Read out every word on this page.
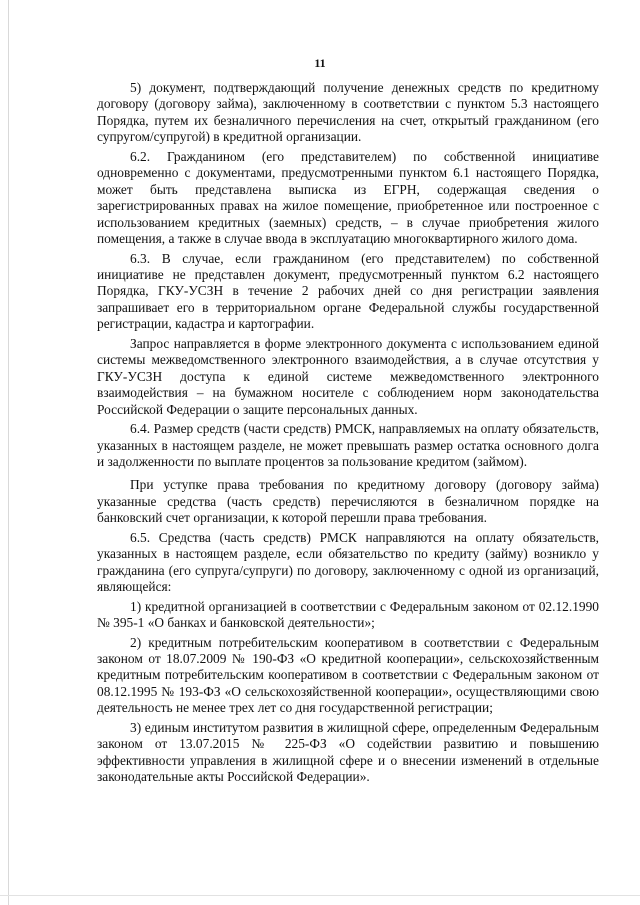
11

5) документ, подтверждающий получение денежных средств по кредитному договору (договору займа), заключенному в соответствии с пунктом 5.3 настоящего Порядка, путем их безналичного перечисления на счет, открытый гражданином (его супругом/супругой) в кредитной организации.

6.2. Гражданином (его представителем) по собственной инициативе одновременно с документами, предусмотренными пунктом 6.1 настоящего Порядка, может быть представлена выписка из ЕГРН, содержащая сведения о зарегистрированных правах на жилое помещение, приобретенное или построенное с использованием кредитных (заемных) средств, – в случае приобретения жилого помещения, а также в случае ввода в эксплуатацию многоквартирного жилого дома.

6.3. В случае, если гражданином (его представителем) по собственной инициативе не представлен документ, предусмотренный пунктом 6.2 настоящего Порядка, ГКУ-УСЗН в течение 2 рабочих дней со дня регистрации заявления запрашивает его в территориальном органе Федеральной службы государственной регистрации, кадастра и картографии.

Запрос направляется в форме электронного документа с использованием единой системы межведомственного электронного взаимодействия, а в случае отсутствия у ГКУ-УСЗН доступа к единой системе межведомственного электронного взаимодействия – на бумажном носителе с соблюдением норм законодательства Российской Федерации о защите персональных данных.

6.4. Размер средств (части средств) РМСК, направляемых на оплату обязательств, указанных в настоящем разделе, не может превышать размер остатка основного долга и задолженности по выплате процентов за пользование кредитом (займом).

При уступке права требования по кредитному договору (договору займа) указанные средства (часть средств) перечисляются в безналичном порядке на банковский счет организации, к которой перешли права требования.

6.5. Средства (часть средств) РМСК направляются на оплату обязательств, указанных в настоящем разделе, если обязательство по кредиту (займу) возникло у гражданина (его супруга/супруги) по договору, заключенному с одной из организаций, являющейся:

1) кредитной организацией в соответствии с Федеральным законом от 02.12.1990 № 395-1 «О банках и банковской деятельности»;

2) кредитным потребительским кооперативом в соответствии с Федеральным законом от 18.07.2009 № 190-ФЗ «О кредитной кооперации», сельскохозяйственным кредитным потребительским кооперативом в соответствии с Федеральным законом от 08.12.1995 № 193-ФЗ «О сельскохозяйственной кооперации», осуществляющими свою деятельность не менее трех лет со дня государственной регистрации;

3) единым институтом развития в жилищной сфере, определенным Федеральным законом от 13.07.2015 № 225-ФЗ «О содействии развитию и повышению эффективности управления в жилищной сфере и о внесении изменений в отдельные законодательные акты Российской Федерации».
